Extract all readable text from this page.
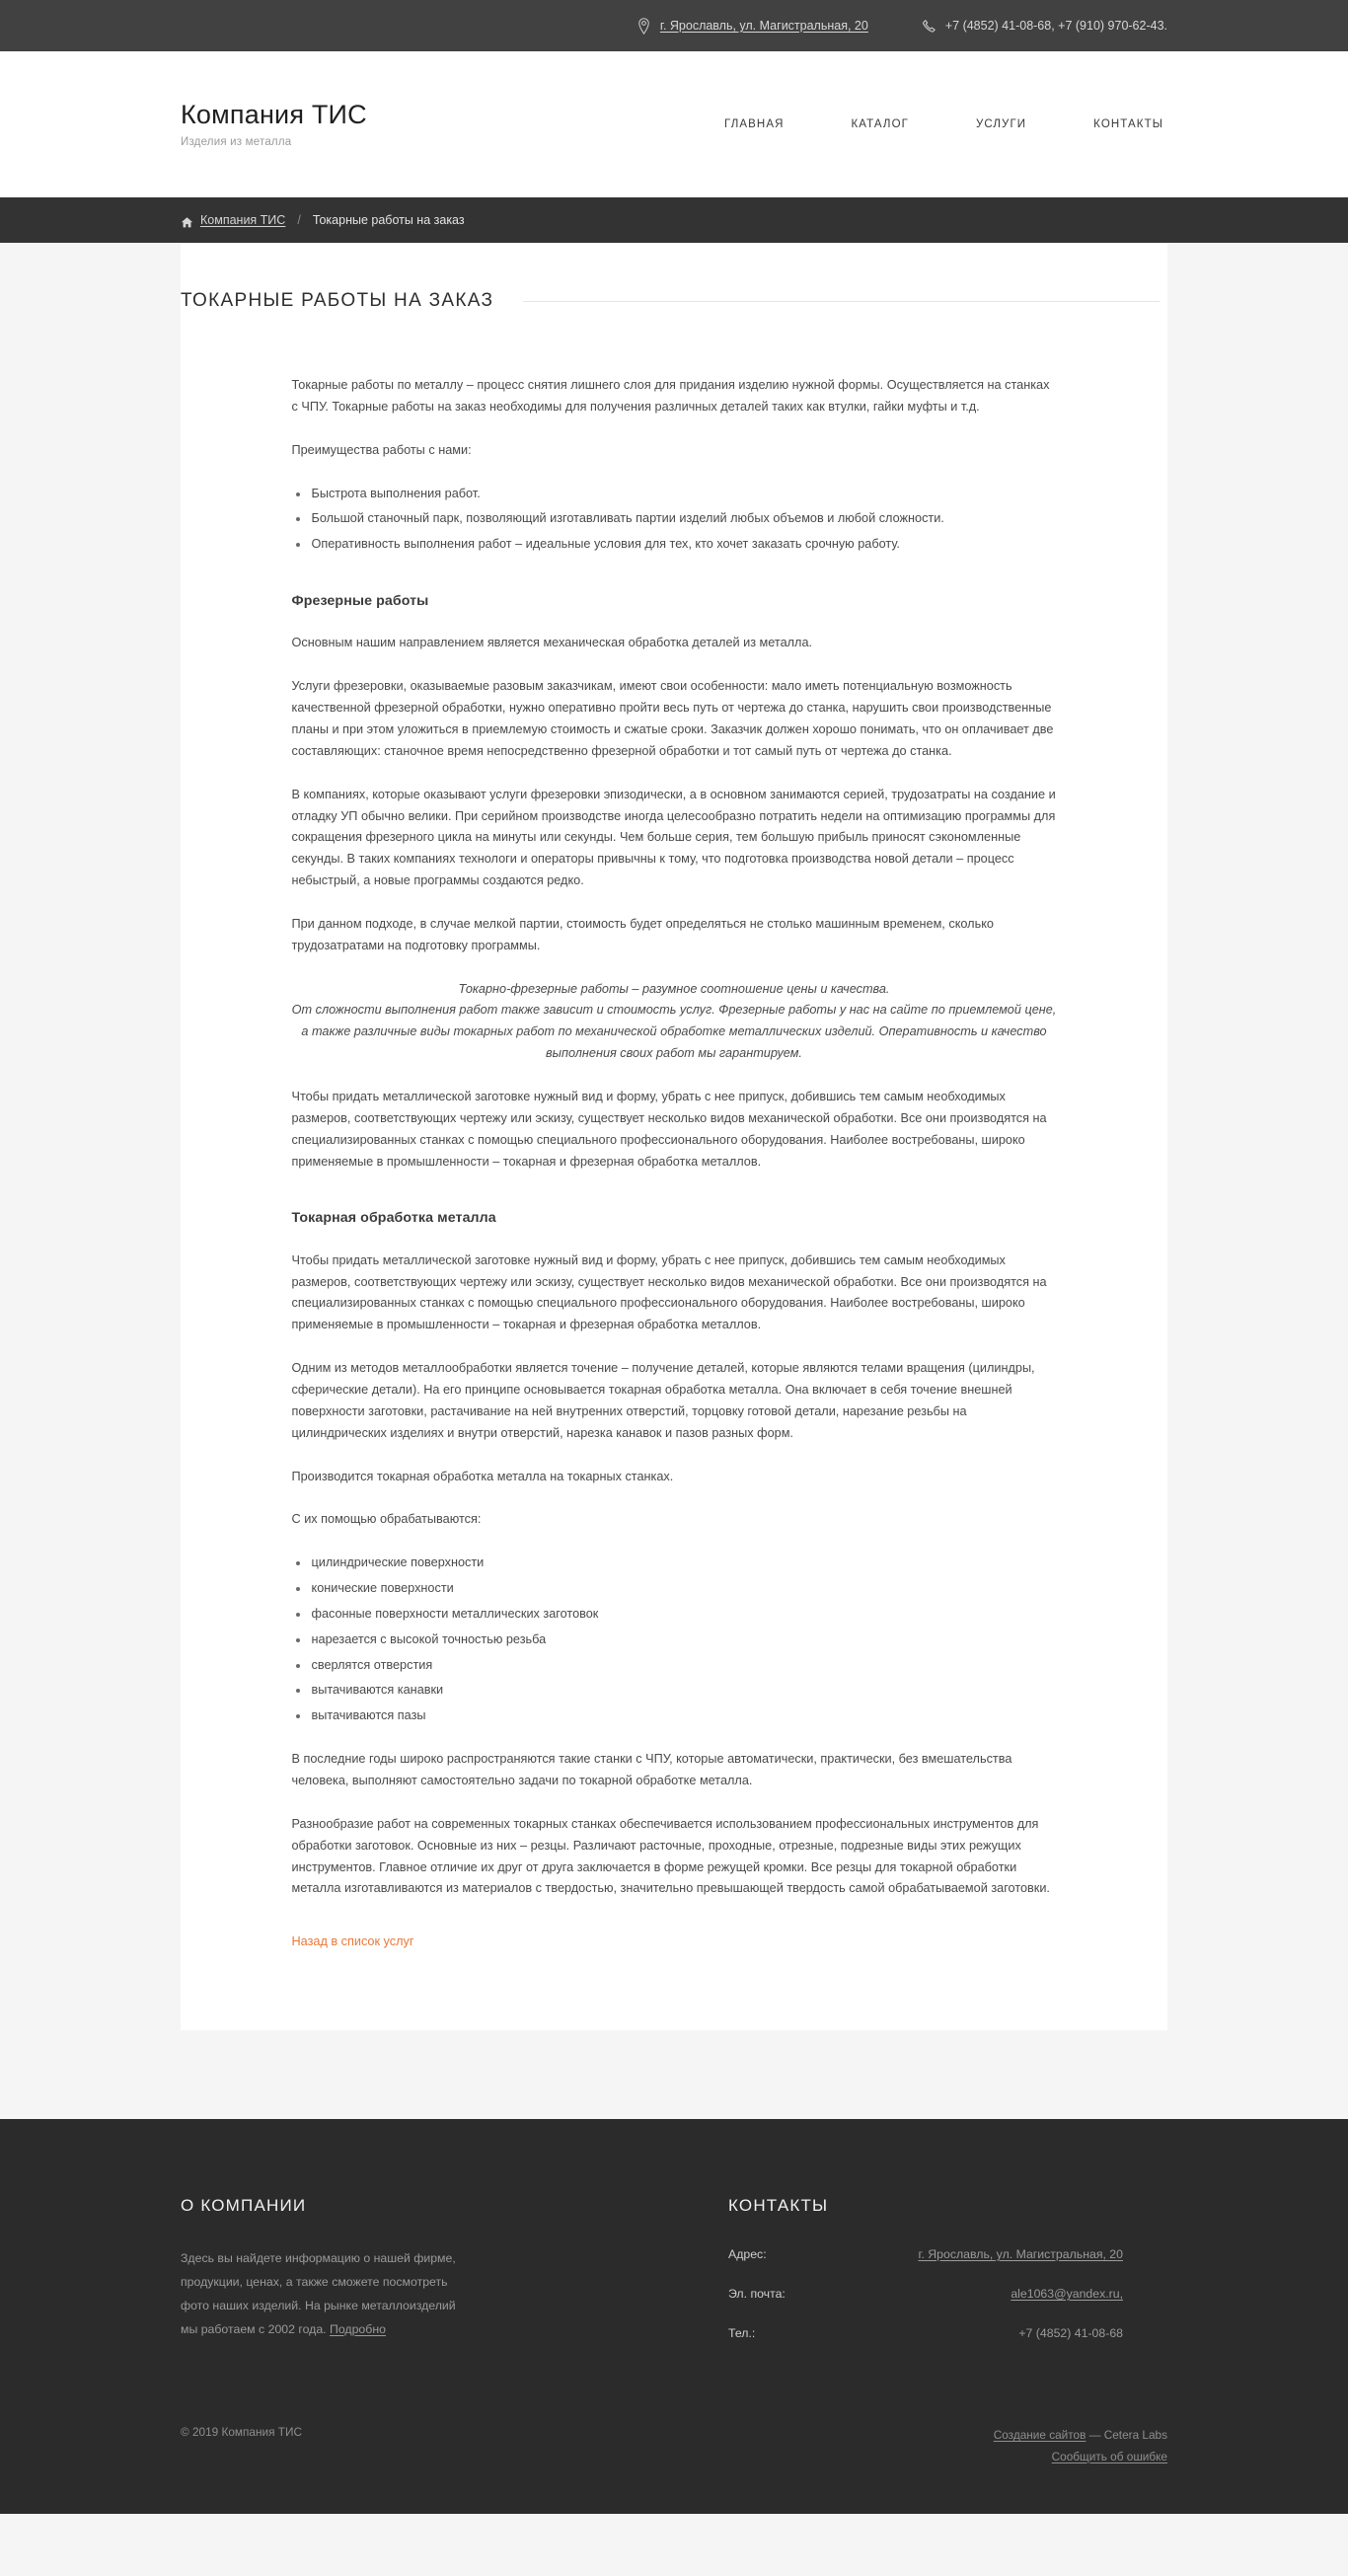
г. Ярославль, ул. Магистральная, 20	+7 (4852) 41-08-68, +7 (910) 970-62-43.
Компания ТИС
Изделия из металла
ГЛАВНАЯ	КАТАЛОГ	УСЛУГИ	КОНТАКТЫ
Компания ТИС / Токарные работы на заказ
ТОКАРНЫЕ РАБОТЫ НА ЗАКАЗ

Токарные работы по металлу – процесс снятия лишнего слоя для придания изделию нужной формы. Осуществляется на станках с ЧПУ. Токарные работы на заказ необходимы для получения различных деталей таких как втулки, гайки муфты и т.д.

Преимущества работы с нами:

Быстрота выполнения работ.
Большой станочный парк, позволяющий изготавливать партии изделий любых объемов и любой сложности.
Оперативность выполнения работ – идеальные условия для тех, кто хочет заказать срочную работу.
Фрезерные работы

Основным нашим направлением является механическая обработка деталей из металла.

Услуги фрезеровки, оказываемые разовым заказчикам, имеют свои особенности: мало иметь потенциальную возможность качественной фрезерной обработки, нужно оперативно пройти весь путь от чертежа до станка, нарушить свои производственные планы и при этом уложиться в приемлемую стоимость и сжатые сроки. Заказчик должен хорошо понимать, что он оплачивает две составляющих: станочное время непосредственно фрезерной обработки и тот самый путь от чертежа до станка.

В компаниях, которые оказывают услуги фрезеровки эпизодически, а в основном занимаются серией, трудозатраты на создание и отладку УП обычно велики. При серийном производстве иногда целесообразно потратить недели на оптимизацию программы для сокращения фрезерного цикла на минуты или секунды. Чем больше серия, тем большую прибыль приносят сэкономленные секунды. В таких компаниях технологи и операторы привычны к тому, что подготовка производства новой детали – процесс небыстрый, а новые программы создаются редко.

При данном подходе, в случае мелкой партии, стоимость будет определяться не столько машинным временем, сколько трудозатратами на подготовку программы.

Токарно-фрезерные работы – разумное соотношение цены и качества.
От сложности выполнения работ также зависит и стоимость услуг. Фрезерные работы у нас на сайте по приемлемой цене, а также различные виды токарных работ по механической обработке металлических изделий. Оперативность и качество выполнения своих работ мы гарантируем.

Чтобы придать металлической заготовке нужный вид и форму, убрать с нее припуск, добившись тем самым необходимых размеров, соответствующих чертежу или эскизу, существует несколько видов механической обработки. Все они производятся на специализированных станках с помощью специального профессионального оборудования. Наиболее востребованы, широко применяемые в промышленности – токарная и фрезерная обработка металлов.

Токарная обработка металла

Чтобы придать металлической заготовке нужный вид и форму, убрать с нее припуск, добившись тем самым необходимых размеров, соответствующих чертежу или эскизу, существует несколько видов механической обработки. Все они производятся на специализированных станках с помощью специального профессионального оборудования. Наиболее востребованы, широко применяемые в промышленности – токарная и фрезерная обработка металлов.

Одним из методов металлообработки является точение – получение деталей, которые являются телами вращения (цилиндры, сферические детали). На его принципе основывается токарная обработка металла. Она включает в себя точение внешней поверхности заготовки, растачивание на ней внутренних отверстий, торцовку готовой детали, нарезание резьбы на цилиндрических изделиях и внутри отверстий, нарезка канавок и пазов разных форм.

Производится токарная обработка металла на токарных станках.

С их помощью обрабатываются:

цилиндрические поверхности
конические поверхности
фасонные поверхности металлических заготовок
нарезается с высокой точностью резьба
сверлятся отверстия
вытачиваются канавки
вытачиваются пазы

В последние годы широко распространяются такие станки с ЧПУ, которые автоматически, практически, без вмешательства человека, выполняют самостоятельно задачи по токарной обработке металла.

Разнообразие работ на современных токарных станках обеспечивается использованием профессиональных инструментов для обработки заготовок. Основные из них – резцы. Различают расточные, проходные, отрезные, подрезные виды этих режущих инструментов. Главное отличие их друг от друга заключается в форме режущей кромки. Все резцы для токарной обработки металла изготавливаются из материалов с твердостью, значительно превышающей твердость самой обрабатываемой заготовки.

Назад в список услуг
О КОМПАНИИ
Здесь вы найдете информацию о нашей фирме, продукции, ценах, а также сможете посмотреть фото наших изделий. На рынке металлоизделий мы работаем с 2002 года. Подробно
КОНТАКТЫ
Адрес:	г. Ярославль, ул. Магистральная, 20
Эл. почта:	ale1063@yandex.ru,
Тел.:	+7 (4852) 41-08-68
© 2019 Компания ТИС	Создание сайтов — Cetera Labs
Сообщить об ошибке
